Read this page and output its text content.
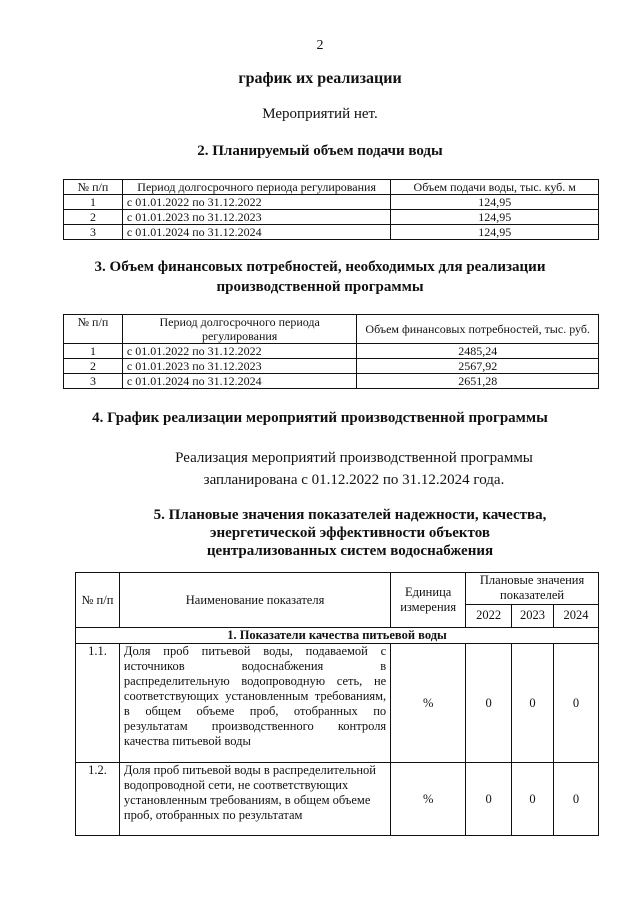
2
график их реализации
Мероприятий нет.
2. Планируемый объем подачи воды
№ п/п	Период долгосрочного периода регулирования	Объем подачи воды, тыс. куб. м
1	с 01.01.2022 по 31.12.2022	124,95
2	с 01.01.2023 по 31.12.2023	124,95
3	с 01.01.2024 по 31.12.2024	124,95
3. Объем финансовых потребностей, необходимых для реализации
производственной программы
№ п/п	Период долгосрочного периода регулирования	Объем финансовых потребностей, тыс. руб.
1	с 01.01.2022 по 31.12.2022	2485,24
2	с 01.01.2023 по 31.12.2023	2567,92
3	с 01.01.2024 по 31.12.2024	2651,28
4. График реализации мероприятий производственной программы
Реализация мероприятий производственной программы
запланирована с 01.12.2022 по 31.12.2024 года.
5. Плановые значения показателей надежности, качества,
энергетической эффективности объектов
централизованных систем водоснабжения
№ п/п	Наименование показателя	Единица измерения	Плановые значения показателей		
			2022	2023	2024
1. Показатели качества питьевой воды					
1.1.	Доля проб питьевой воды, подаваемой с источников водоснабжения в распределительную водопроводную сеть, не соответствующих установленным требованиям, в общем объеме проб, отобранных по результатам производственного контроля качества питьевой воды	%	0	0	0
1.2.	Доля проб питьевой воды в распределительной водопроводной сети, не соответствующих установленным требованиям, в общем объеме проб, отобранных по результатам	%	0	0	0
